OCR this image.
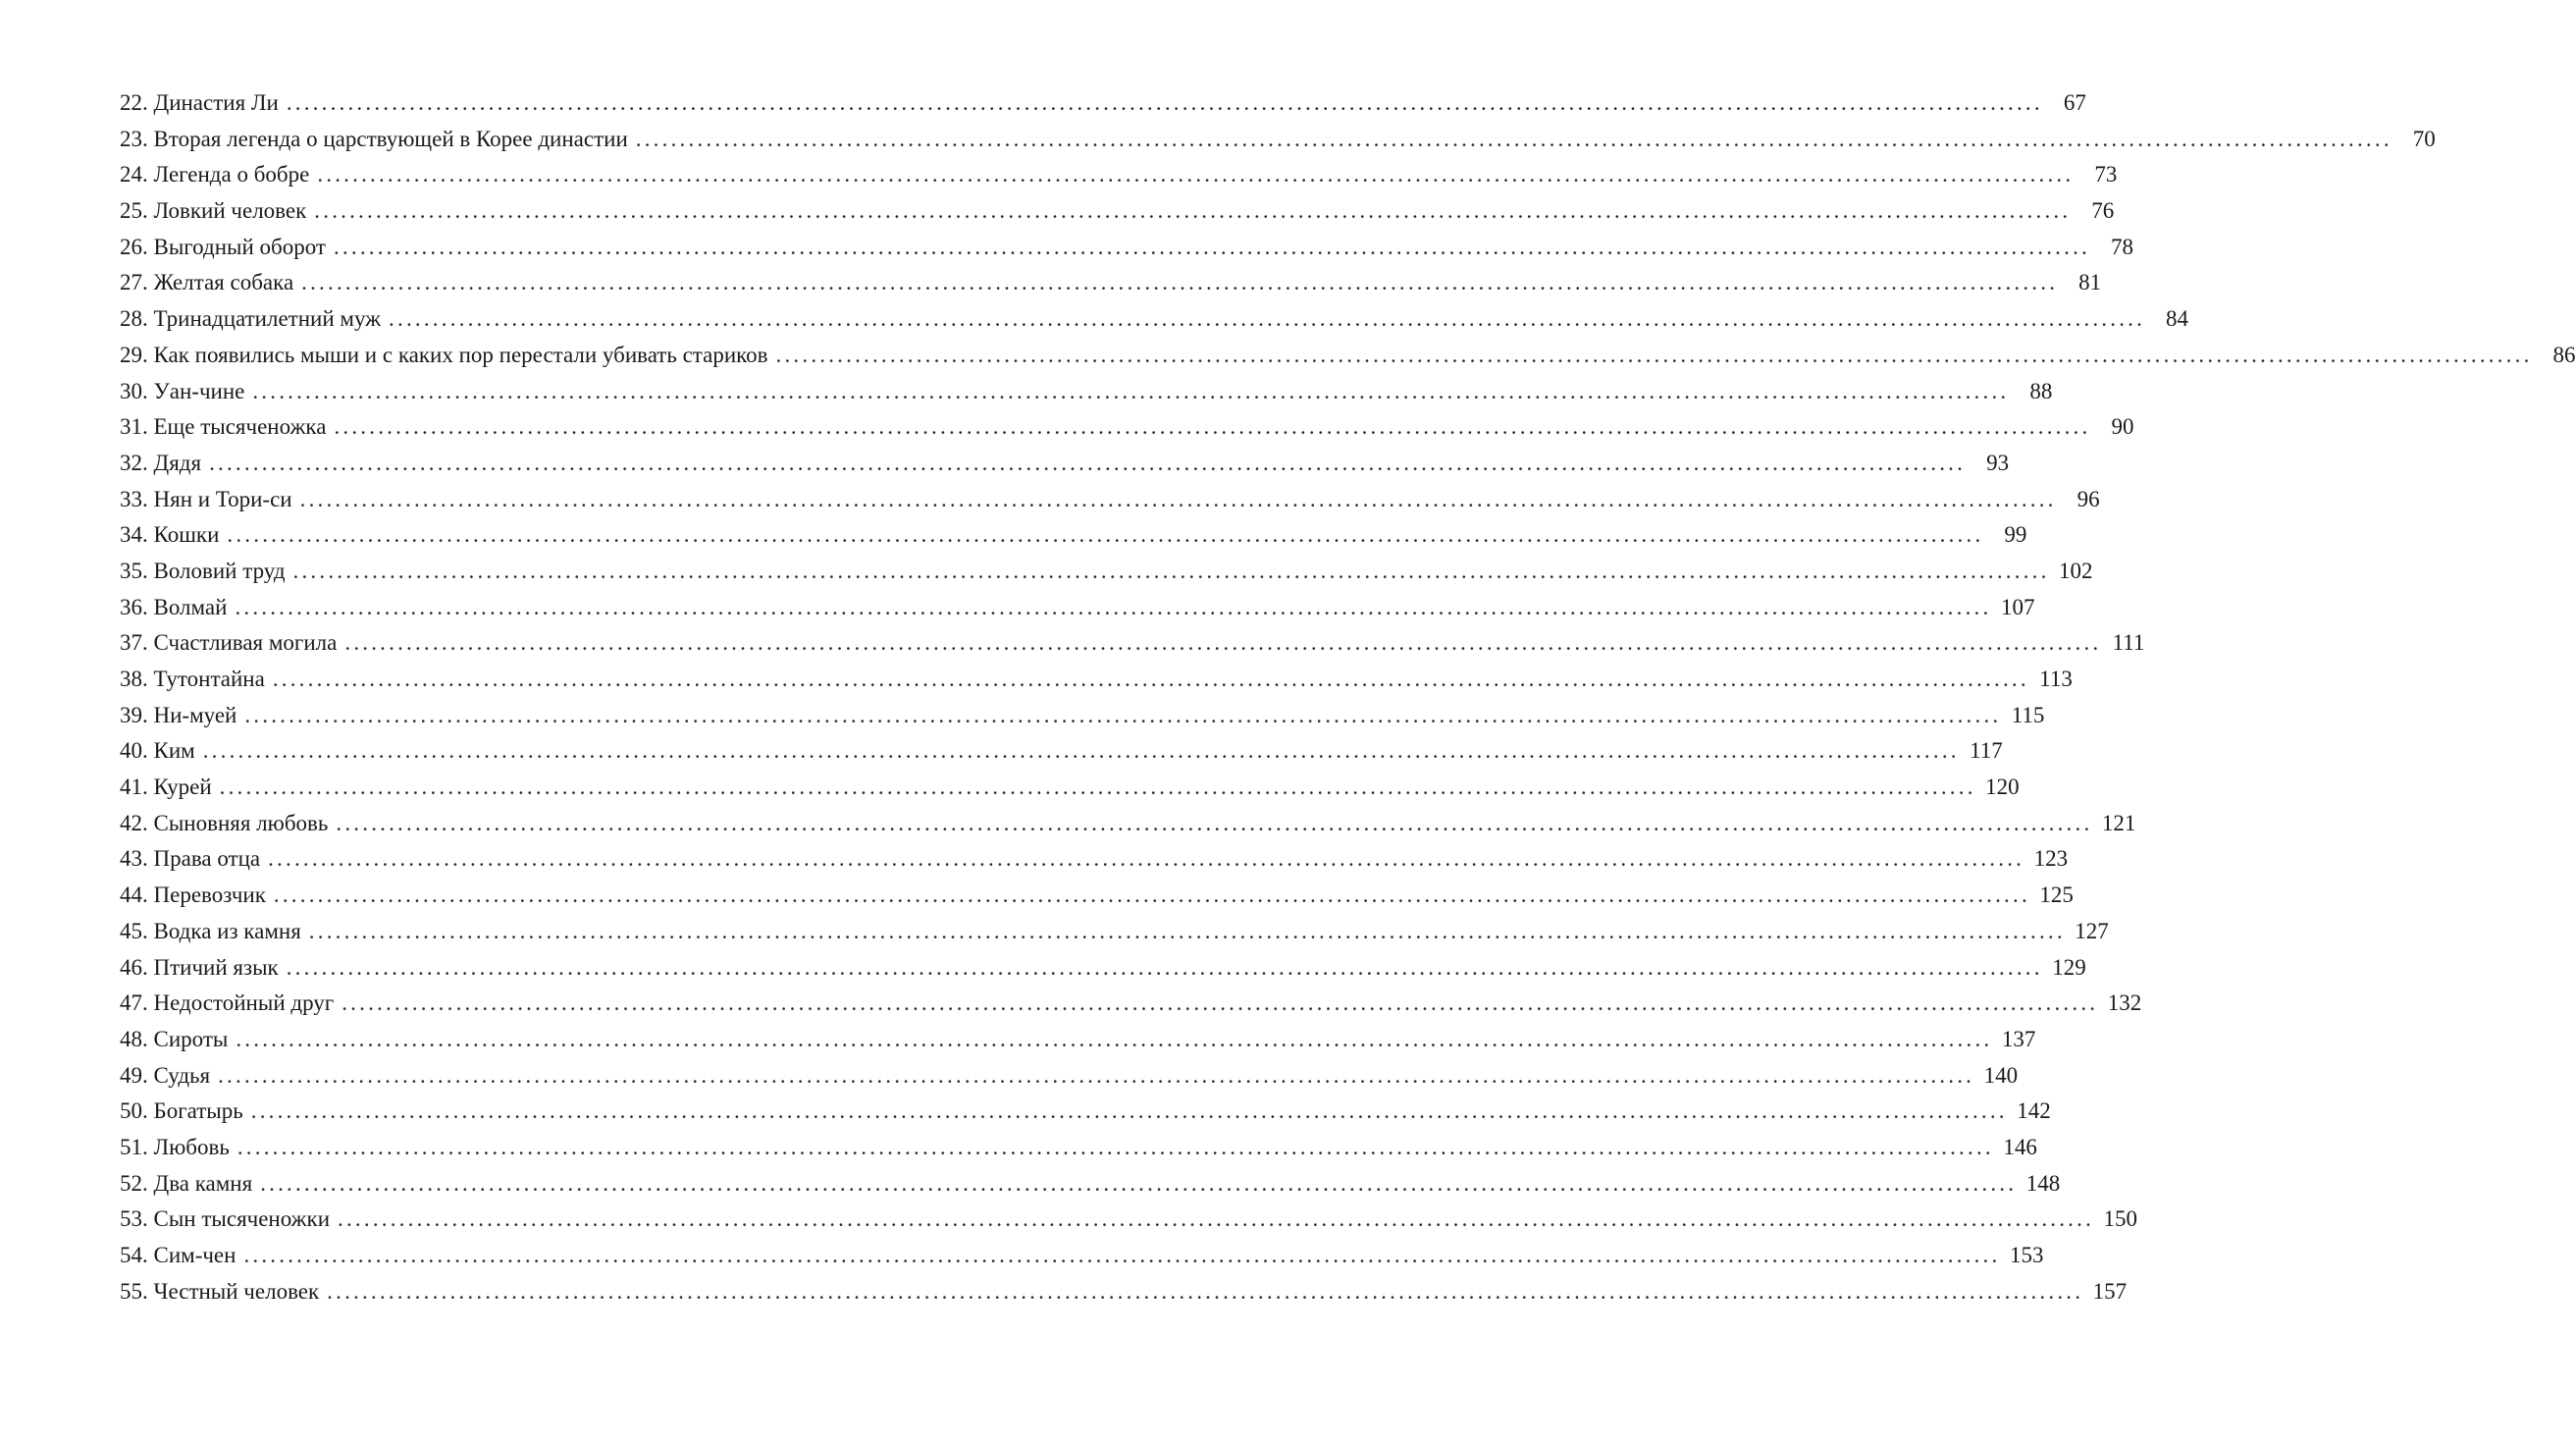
22. Династия Ли ........................................................................................................................................................................................................ 67
23. Вторая легенда о царствующей в Корее династии ........................................................................................................................................................................................................ 70
24. Легенда о бобре ........................................................................................................................................................................................................ 73
25. Ловкий человек ........................................................................................................................................................................................................ 76
26. Выгодный оборот ........................................................................................................................................................................................................ 78
27. Желтая собака ........................................................................................................................................................................................................ 81
28. Тринадцатилетний муж ........................................................................................................................................................................................................ 84
29. Как появились мыши и с каких пор перестали убивать стариков ........................................................................................................................................................................................................ 86
30. Уан-чине ........................................................................................................................................................................................................ 88
31. Еще тысяченожка ........................................................................................................................................................................................................ 90
32. Дядя ........................................................................................................................................................................................................ 93
33. Нян и Тори-си ........................................................................................................................................................................................................ 96
34. Кошки ........................................................................................................................................................................................................ 99
35. Воловий труд ........................................................................................................................................................................................................ 102
36. Волмай ........................................................................................................................................................................................................ 107
37. Счастливая могила ........................................................................................................................................................................................................ 111
38. Тутонтайна ........................................................................................................................................................................................................ 113
39. Ни-муей ........................................................................................................................................................................................................ 115
40. Ким ........................................................................................................................................................................................................ 117
41. Курей ........................................................................................................................................................................................................ 120
42. Сыновняя любовь ........................................................................................................................................................................................................ 121
43. Права отца ........................................................................................................................................................................................................ 123
44. Перевозчик ........................................................................................................................................................................................................ 125
45. Водка из камня ........................................................................................................................................................................................................ 127
46. Птичий язык ........................................................................................................................................................................................................ 129
47. Недостойный друг ........................................................................................................................................................................................................ 132
48. Сироты ........................................................................................................................................................................................................ 137
49. Судья ........................................................................................................................................................................................................ 140
50. Богатырь ........................................................................................................................................................................................................ 142
51. Любовь ........................................................................................................................................................................................................ 146
52. Два камня ........................................................................................................................................................................................................ 148
53. Сын тысяченожки ........................................................................................................................................................................................................ 150
54. Сим-чен ........................................................................................................................................................................................................ 153
55. Честный человек ........................................................................................................................................................................................................ 157
